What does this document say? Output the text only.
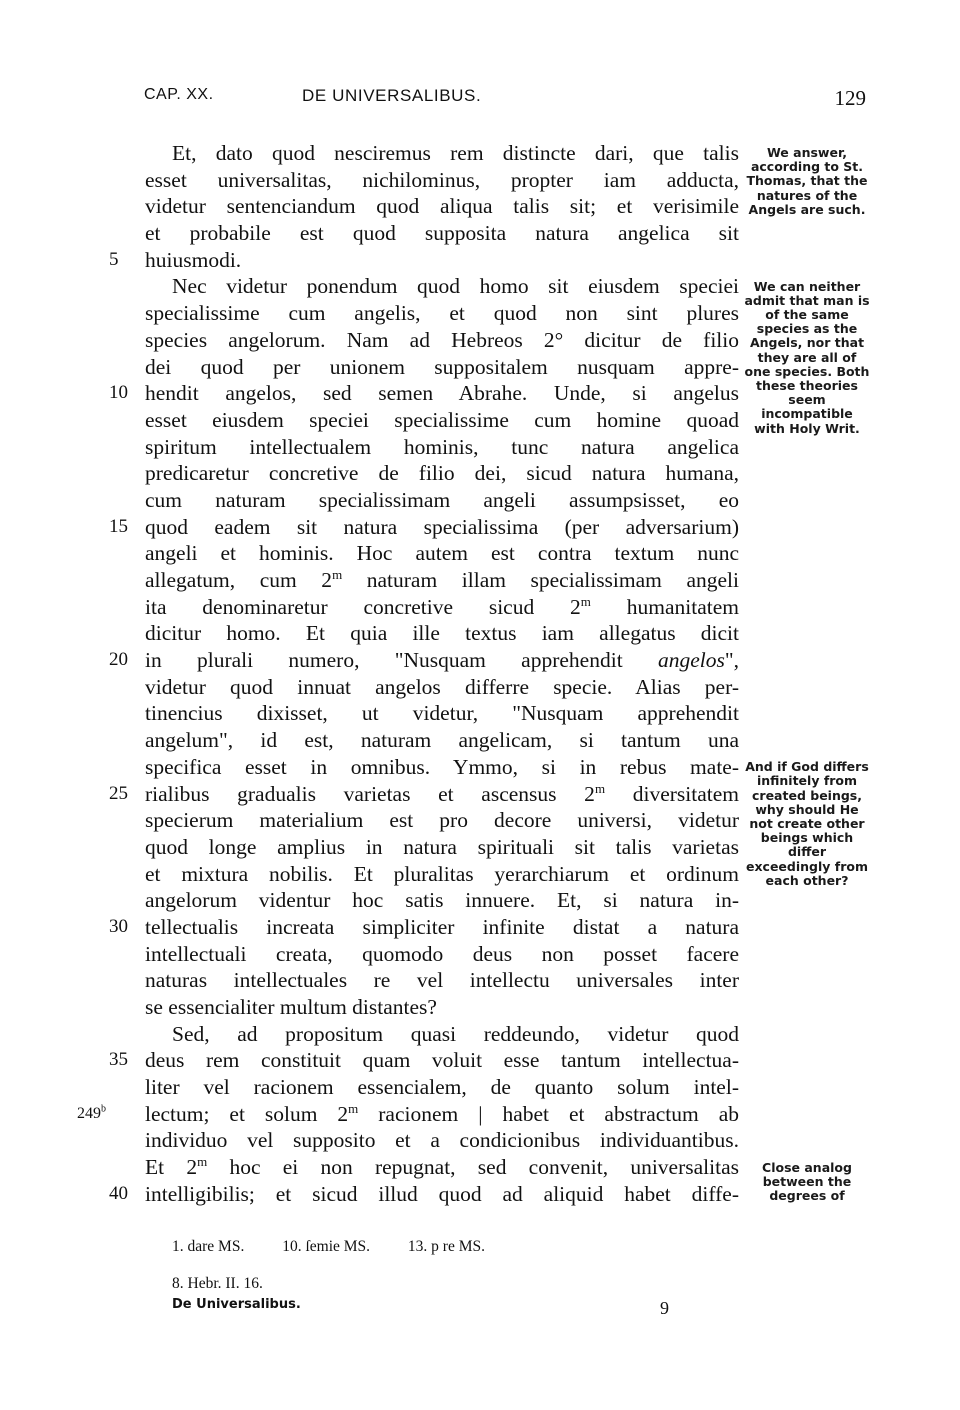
CAP. XX.	DE UNIVERSALIBUS.	129
Et, dato quod nesciremus rem distincte dari, que talis
esset universalitas, nichilominus, propter iam adducta,
videtur sentenciandum quod aliqua talis sit; et verisimile
et probabile est quod supposita natura angelica sit
5	huiusmodi.
Nec videtur ponendum quod homo sit eiusdem speciei
specialissime cum angelis, et quod non sint plures
species angelorum. Nam ad Hebreos 2° dicitur de filio
dei quod per unionem suppositalem nusquam appre-
10 hendit angelos, sed semen Abrahe. Unde, si angelus
esset eiusdem speciei specialissime cum homine quoad
spiritum intellectualem hominis, tunc natura angelica
predicaretur concretive de filio dei, sicud natura humana,
cum naturam specialissimam angeli assumpsisset, eo
15 quod eadem sit natura specialissima (per adversarium)
angeli et hominis. Hoc autem est contra textum nunc
allegatum, cum 2$^m$ naturam illam specialissimam angeli
ita denominaretur concretive sicud 2$^m$ humanitatem
dicitur homo. Et quia ille textus iam allegatus dicit
20 in plurali numero, "Nusquam apprehendit angelos",
videtur quod innuat angelos differre specie. Alias per-
tinencius dixisset, ut videtur, "Nusquam apprehendit
angelum", id est, naturam angelicam, si tantum una
specifica esset in omnibus. Ymmo, si in rebus mate-
25 rialibus gradualis varietas et ascensus 2$^m$ diversitatem
specierum materialium est pro decore universi, videtur
quod longe amplius in natura spirituali sit talis varietas
et mixtura nobilis. Et pluralitas yerarchiarum et ordinum
angelorum videntur hoc satis innuere. Et, si natura in-
30 tellectualis increata simpliciter infinite distat a natura
intellectuali creata, quomodo deus non posset facere
naturas intellectuales re vel intellectu universales inter
se essencialiter multum distantes?
Sed, ad propositum quasi reddeundo, videtur quod
35 deus rem constituit quam voluit esse tantum intellectua-
liter vel racionem essencialem, de quanto solum intel-
249$^b$	lectum; et solum 2$^m$ racionem | habet et abstractum ab
individuo vel supposito et a condicionibus individuantibus.
Et 2$^m$ hoc ei non repugnat, sed convenit, universalitas
40 intelligibilis; et sicud illud quod ad aliquid habet diffe-
We answer, according to St. Thomas, that the natures of the Angels are such.
We can neither admit that man is of the same species as the Angels, nor that they are all of one species. Both these theories seem incompatible with Holy Writ.
And if God differs infinitely from created beings, why should He not create other beings which differ exceedingly from each other?
Close analog between the degrees of
1. dare MS. 10. ſemie MS. 13. p re MS.
8. Hebr. II. 16.
De Universalibus.	9
